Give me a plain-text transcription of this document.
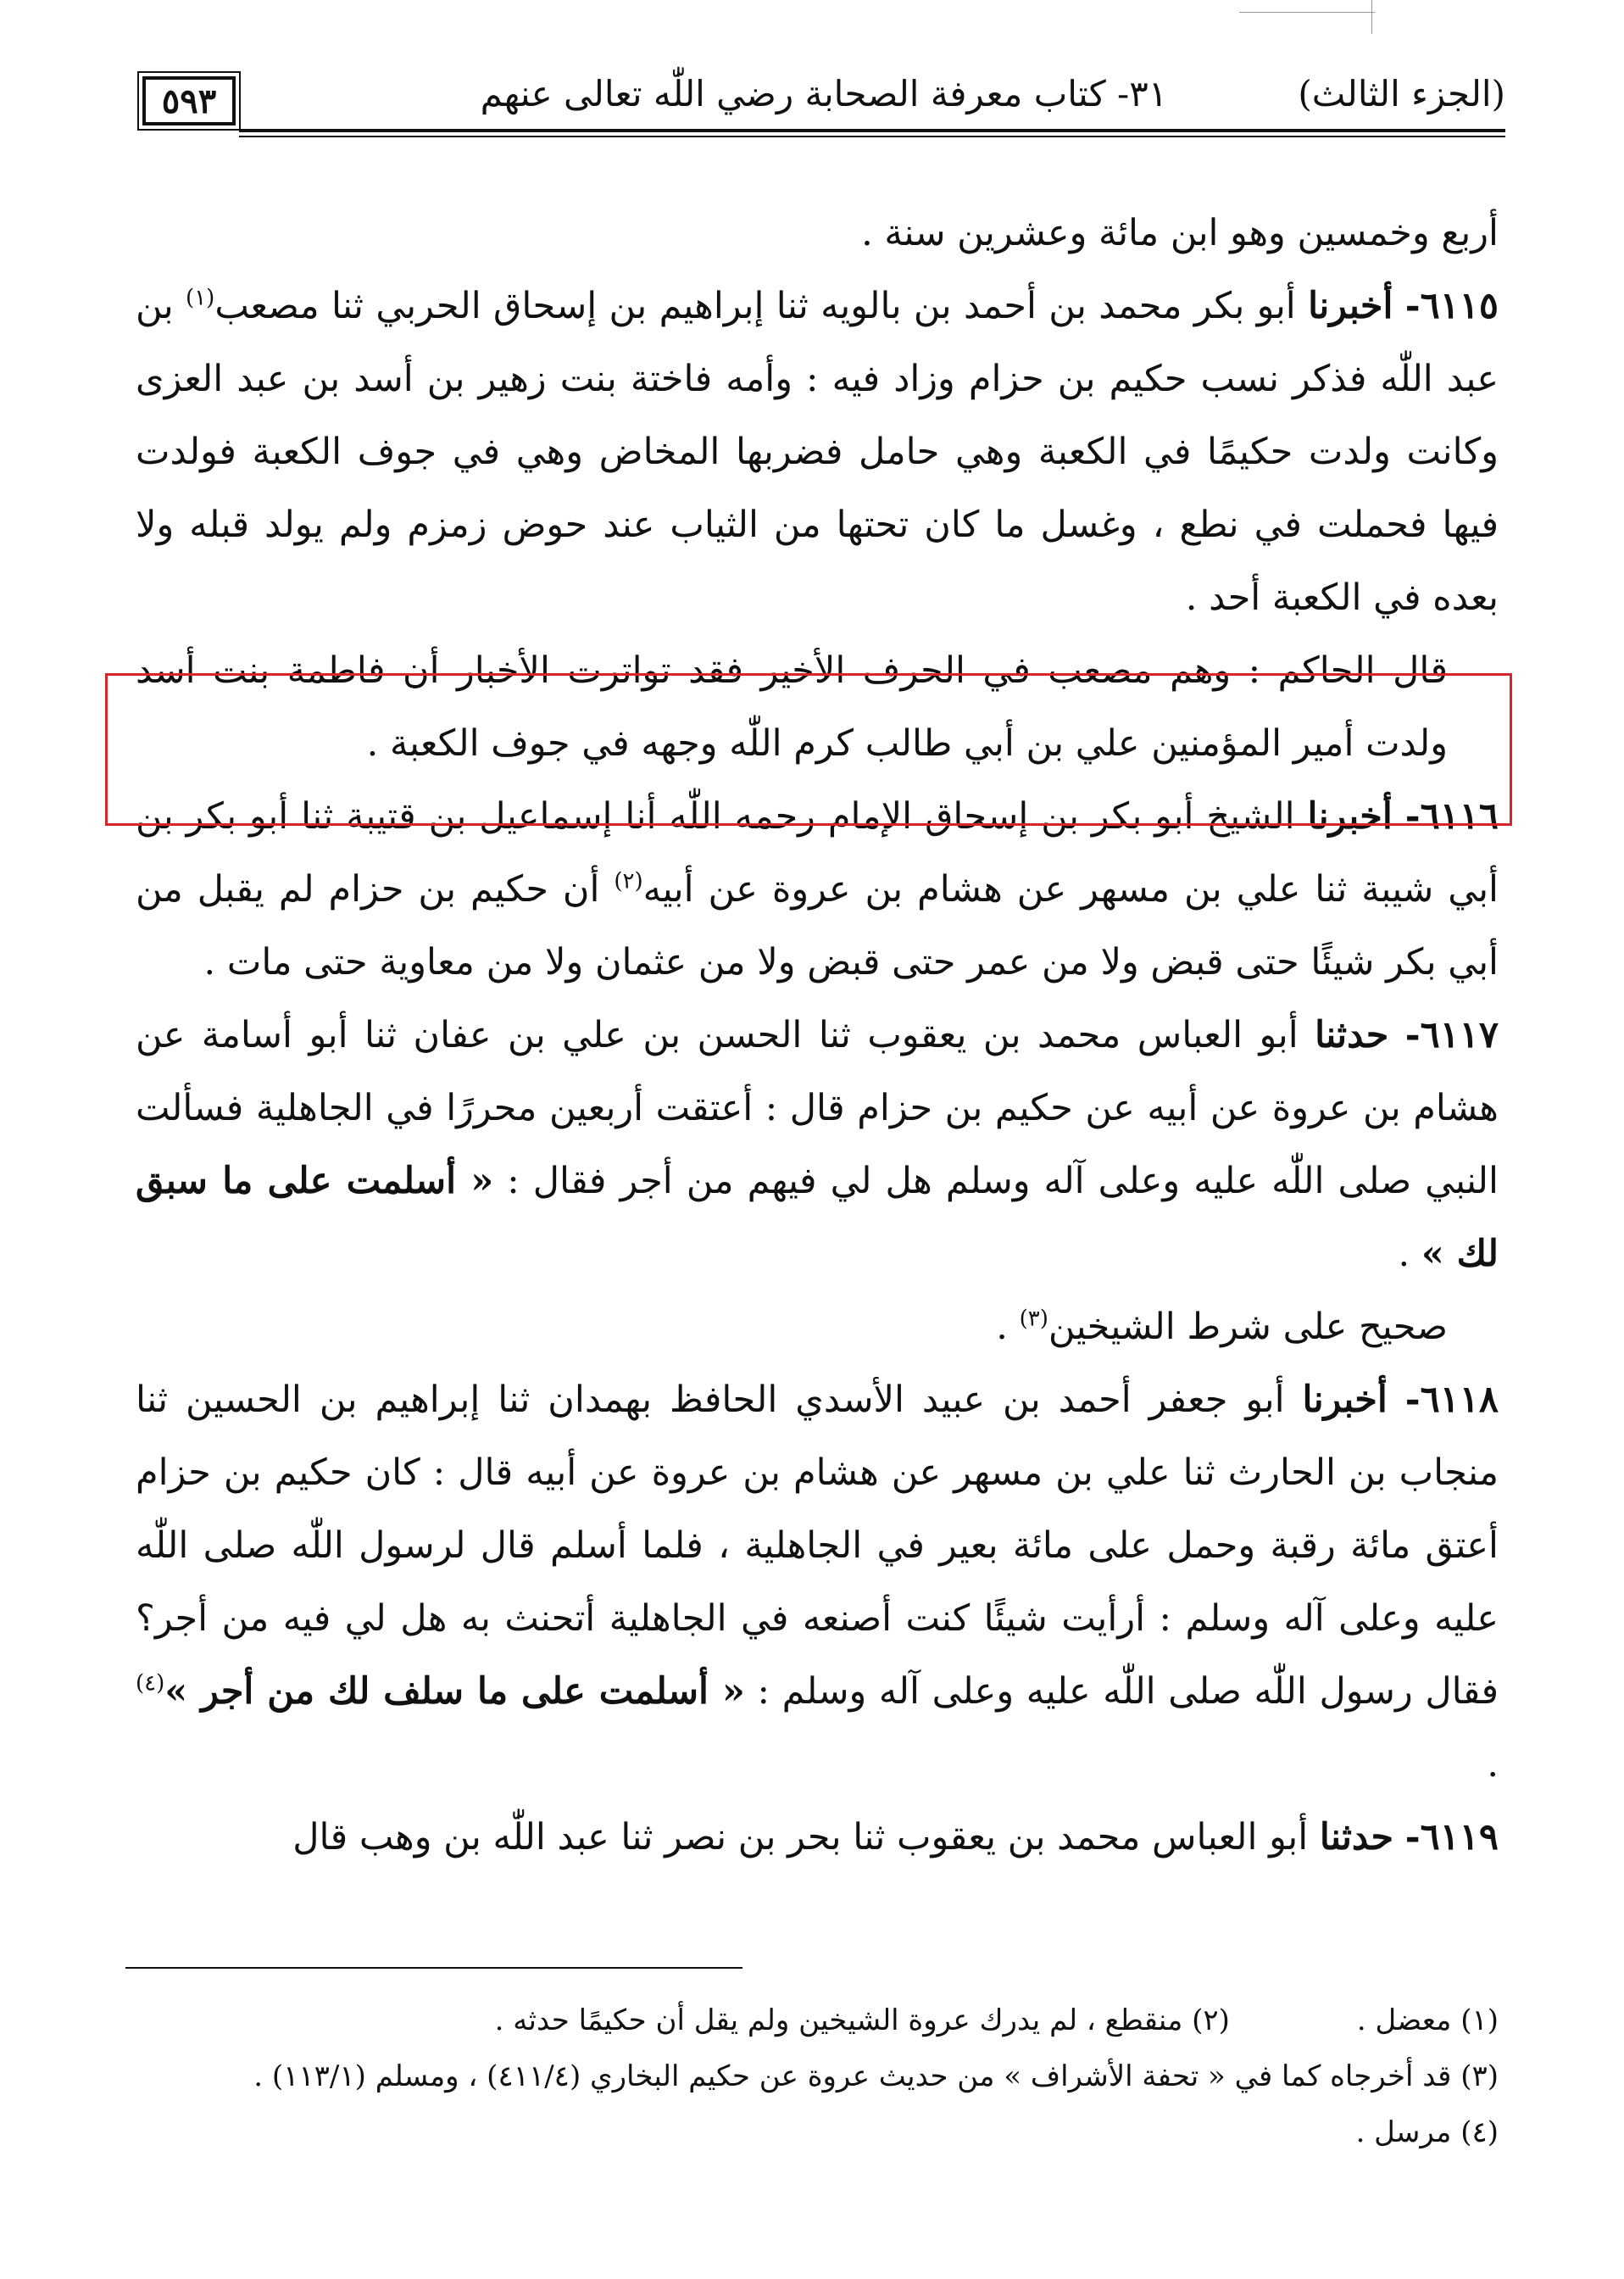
(الجزء الثالث)
٣١- كتاب معرفة الصحابة رضي اللّٰه تعالى عنهم
٥٩٣

أربع وخمسين وهو ابن مائة وعشرين سنة .

٦١١٥- أخبرنا أبو بكر محمد بن أحمد بن بالويه ثنا إبراهيم بن إسحاق الحربي ثنا مصعب$^{(١)}$ بن عبد اللّٰه فذكر نسب حكيم بن حزام وزاد فيه : وأمه فاختة بنت زهير بن أسد بن عبد العزى وكانت ولدت حكيمًا في الكعبة وهي حامل فضربها المخاض وهي في جوف الكعبة فولدت فيها فحملت في نطع ، وغسل ما كان تحتها من الثياب عند حوض زمزم ولم يولد قبله ولا بعده في الكعبة أحد .

قال الحاكم : وهم مصعب في الحرف الأخير فقد تواترت الأخبار أن فاطمة بنت أسد ولدت أمير المؤمنين علي بن أبي طالب كرم اللّٰه وجهه في جوف الكعبة .

٦١١٦- أخبرنا الشيخ أبو بكر بن إسحاق الإمام رحمه اللّٰه أنا إسماعيل بن قتيبة ثنا أبو بكر بن أبي شيبة ثنا علي بن مسهر عن هشام بن عروة عن أبيه$^{(٢)}$ أن حكيم بن حزام لم يقبل من أبي بكر شيئًا حتى قبض ولا من عمر حتى قبض ولا من عثمان ولا من معاوية حتى مات .

٦١١٧- حدثنا أبو العباس محمد بن يعقوب ثنا الحسن بن علي بن عفان ثنا أبو أسامة عن هشام بن عروة عن أبيه عن حكيم بن حزام قال : أعتقت أربعين محررًا في الجاهلية فسألت النبي صلى اللّٰه عليه وعلى آله وسلم هل لي فيهم من أجر فقال : « أسلمت على ما سبق لك » .

صحيح على شرط الشيخين$^{(٣)}$ .

٦١١٨- أخبرنا أبو جعفر أحمد بن عبيد الأسدي الحافظ بهمدان ثنا إبراهيم بن الحسين ثنا منجاب بن الحارث ثنا علي بن مسهر عن هشام بن عروة عن أبيه قال : كان حكيم بن حزام أعتق مائة رقبة وحمل على مائة بعير في الجاهلية ، فلما أسلم قال لرسول اللّٰه صلى اللّٰه عليه وعلى آله وسلم : أرأيت شيئًا كنت أصنعه في الجاهلية أتحنث به هل لي فيه من أجر؟ فقال رسول اللّٰه صلى اللّٰه عليه وعلى آله وسلم : « أسلمت على ما سلف لك من أجر »$^{(٤)}$ .

٦١١٩- حدثنا أبو العباس محمد بن يعقوب ثنا بحر بن نصر ثنا عبد اللّٰه بن وهب قال

(١) معضل .(٢) منقطع ، لم يدرك عروة الشيخين ولم يقل أن حكيمًا حدثه .
(٣) قد أخرجاه كما في « تحفة الأشراف » من حديث عروة عن حكيم البخاري (٤١١/٤) ، ومسلم (١١٣/١) .
(٤) مرسل .
